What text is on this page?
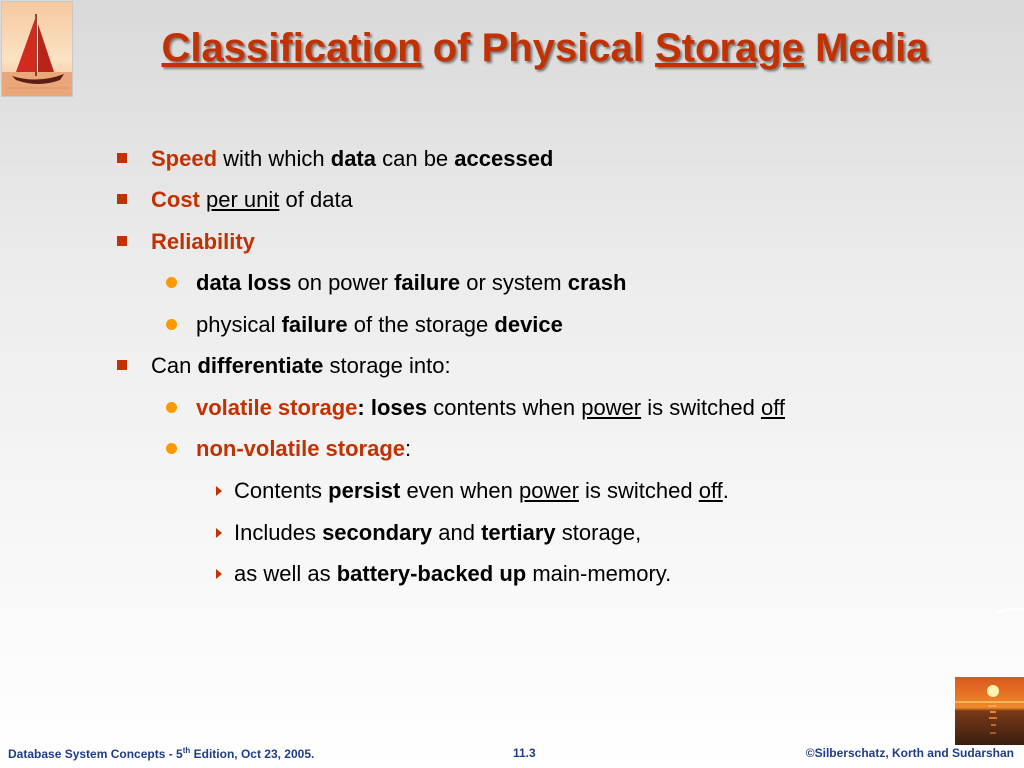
Classification of Physical Storage Media
Speed with which data can be accessed
Cost per unit of data
Reliability
data loss on power failure or system crash
physical failure of the storage device
Can differentiate storage into:
volatile storage: loses contents when power is switched off
non-volatile storage:
Contents persist even when power is switched off.
Includes secondary and tertiary storage,
as well as battery-backed up main-memory.
Database System Concepts - 5th Edition, Oct 23, 2005.	11.3	©Silberschatz, Korth and Sudarshan
